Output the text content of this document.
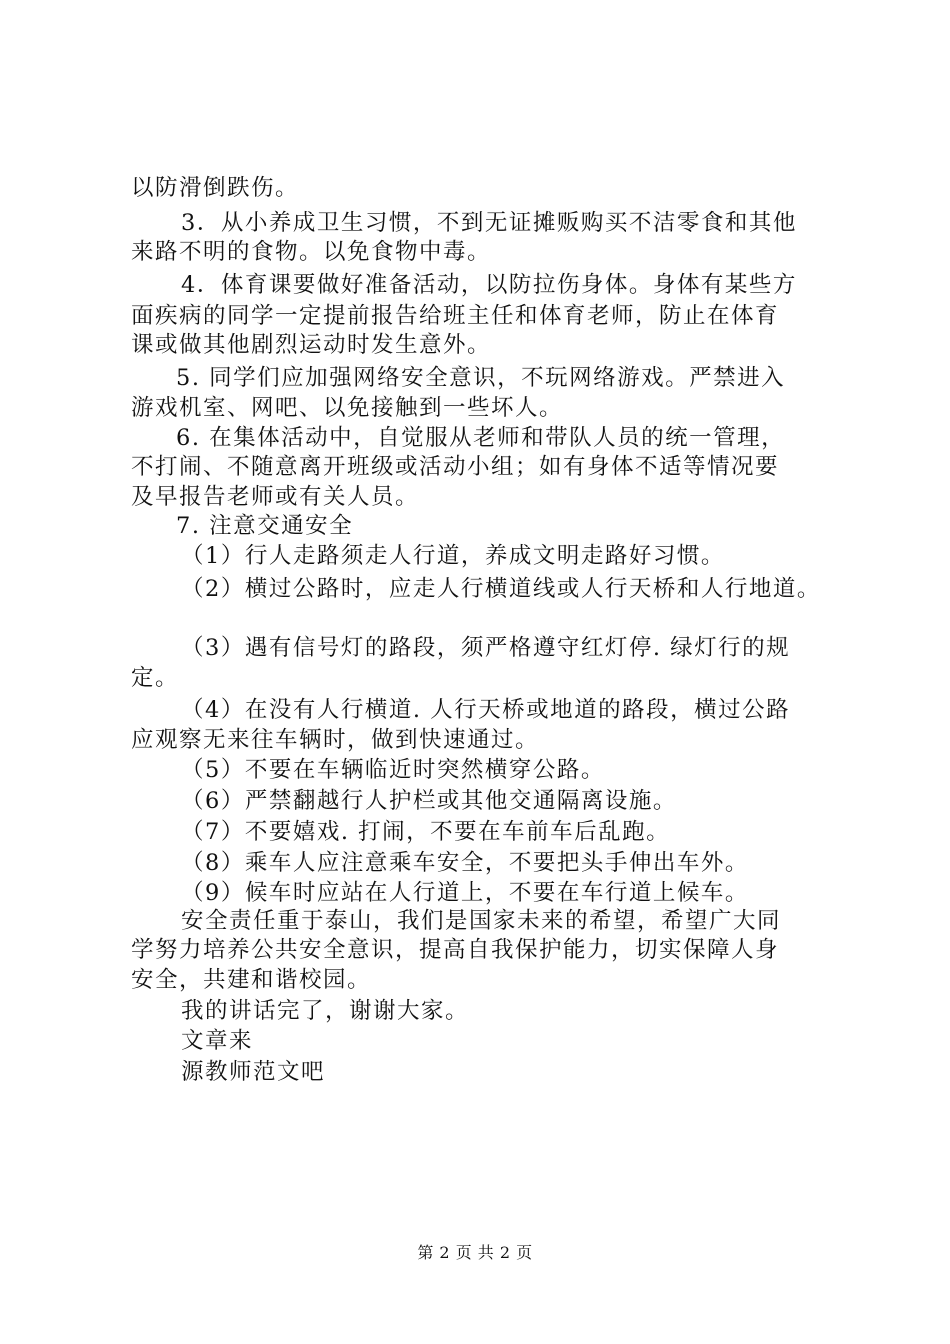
以防滑倒跌伤。
3．从小养成卫生习惯，不到无证摊贩购买不洁零食和其他
来路不明的食物。以免食物中毒。
4．体育课要做好准备活动，以防拉伤身体。身体有某些方
面疾病的同学一定提前报告给班主任和体育老师，防止在体育
课或做其他剧烈运动时发生意外。
5. 同学们应加强网络安全意识，不玩网络游戏。严禁进入
游戏机室、网吧、以免接触到一些坏人。
6. 在集体活动中，自觉服从老师和带队人员的统一管理，
不打闹、不随意离开班级或活动小组；如有身体不适等情况要
及早报告老师或有关人员。
7. 注意交通安全
（1）行人走路须走人行道，养成文明走路好习惯。
（2）横过公路时，应走人行横道线或人行天桥和人行地道。
（3）遇有信号灯的路段，须严格遵守红灯停. 绿灯行的规
定。
（4）在没有人行横道. 人行天桥或地道的路段，横过公路
应观察无来往车辆时，做到快速通过。
（5）不要在车辆临近时突然横穿公路。
（6）严禁翻越行人护栏或其他交通隔离设施。
（7）不要嬉戏. 打闹，不要在车前车后乱跑。
（8）乘车人应注意乘车安全，不要把头手伸出车外。
（9）候车时应站在人行道上，不要在车行道上候车。
安全责任重于泰山，我们是国家未来的希望，希望广大同
学努力培养公共安全意识，提高自我保护能力，切实保障人身
安全，共建和谐校园。
我的讲话完了，谢谢大家。
文章来
源教师范文吧
第 2 页 共 2 页
